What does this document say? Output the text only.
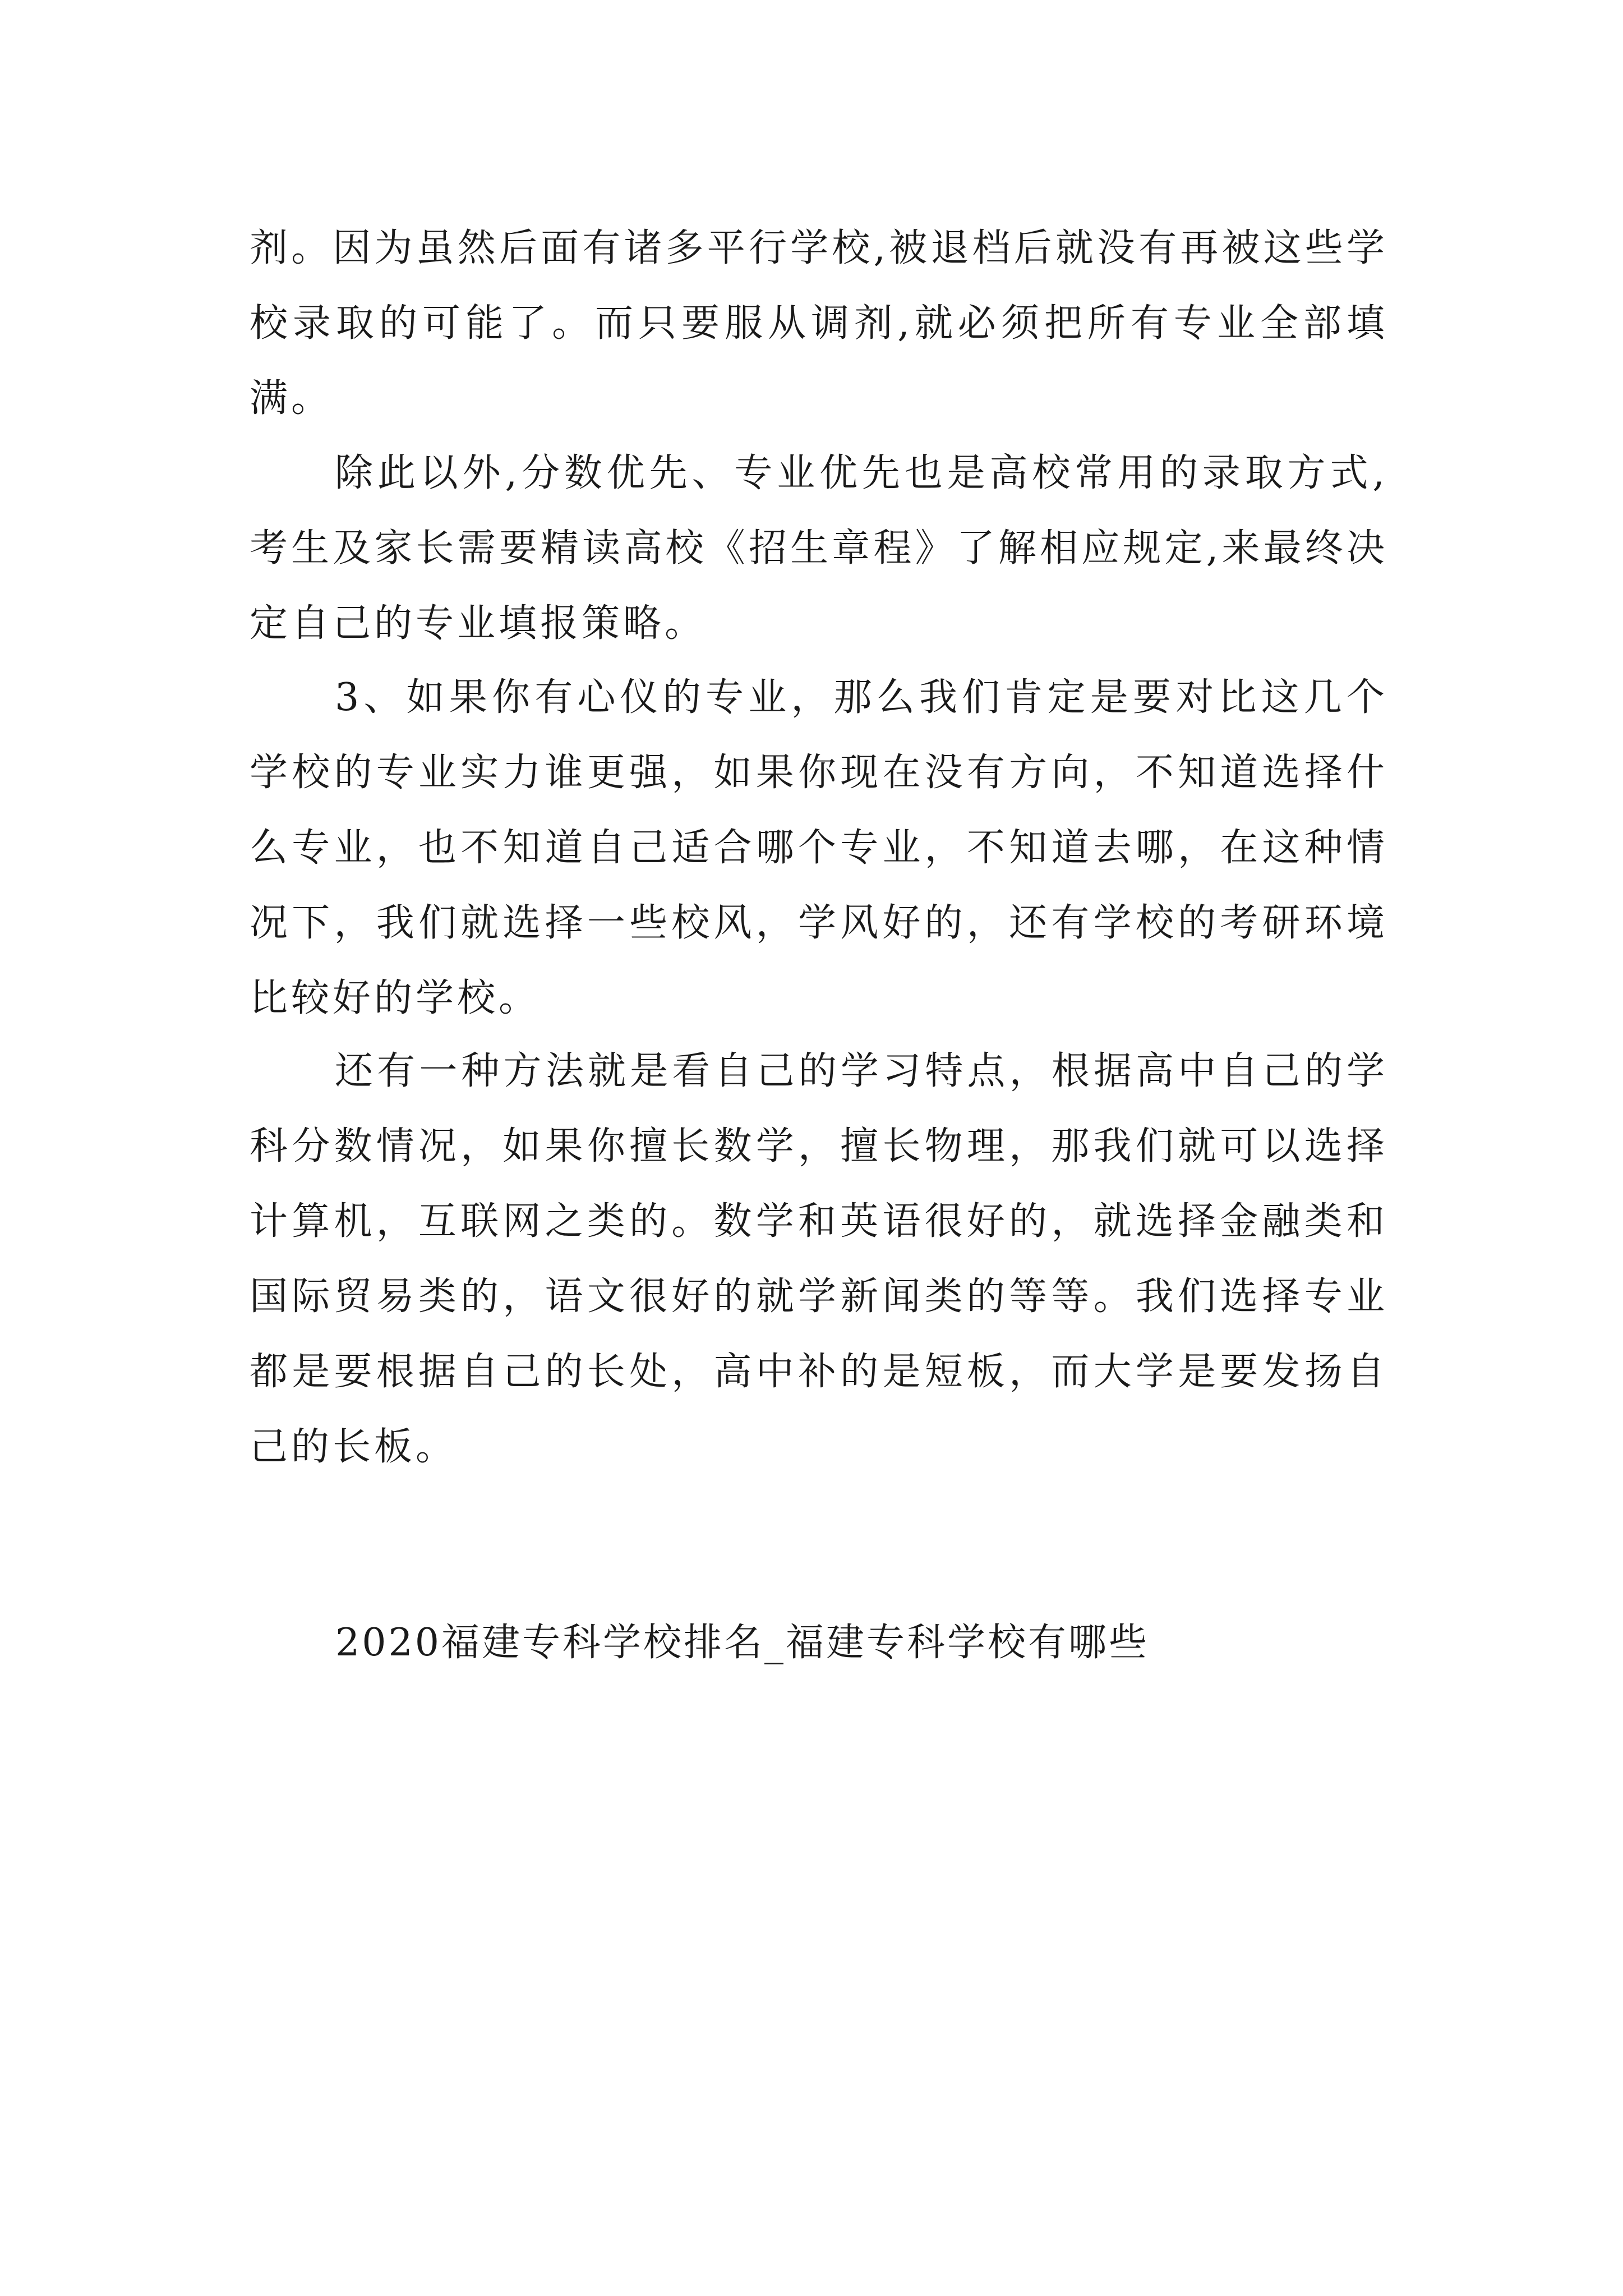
剂。因为虽然后面有诸多平行学校,被退档后就没有再被这些学校录取的可能了。而只要服从调剂,就必须把所有专业全部填满。

除此以外,分数优先、专业优先也是高校常用的录取方式,考生及家长需要精读高校《招生章程》了解相应规定,来最终决定自己的专业填报策略。

3、如果你有心仪的专业，那么我们肯定是要对比这几个学校的专业实力谁更强，如果你现在没有方向，不知道选择什么专业，也不知道自己适合哪个专业，不知道去哪，在这种情况下，我们就选择一些校风，学风好的，还有学校的考研环境比较好的学校。

还有一种方法就是看自己的学习特点，根据高中自己的学科分数情况，如果你擅长数学，擅长物理，那我们就可以选择计算机，互联网之类的。数学和英语很好的，就选择金融类和国际贸易类的，语文很好的就学新闻类的等等。我们选择专业都是要根据自己的长处，高中补的是短板，而大学是要发扬自己的长板。

2020福建专科学校排名_福建专科学校有哪些
